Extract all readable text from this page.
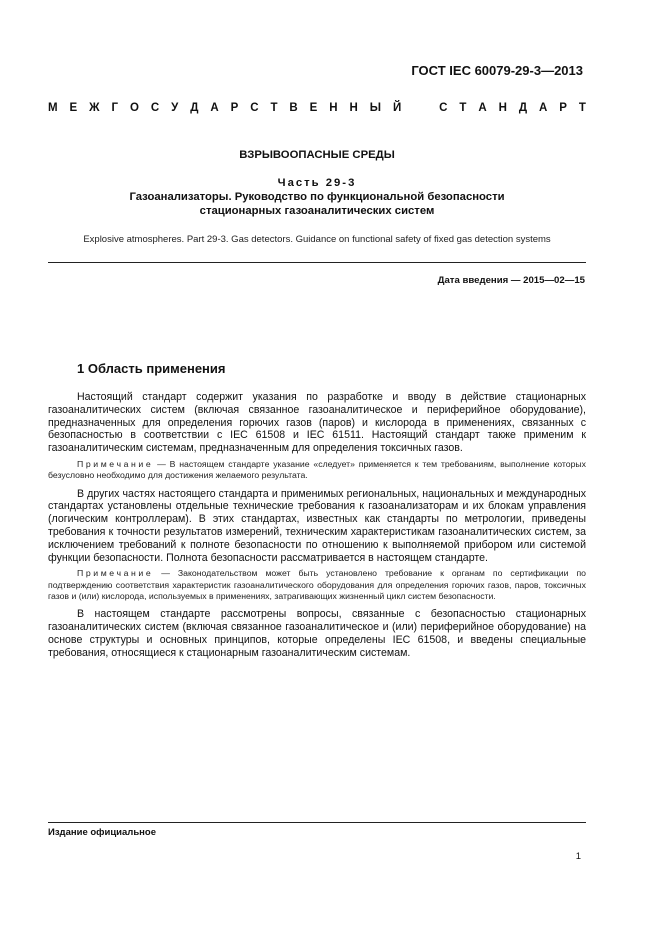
ГОСТ IEC 60079-29-3—2013
М Е Ж Г О С У Д А Р С Т В Е Н Н Ы Й	С Т А Н Д А Р Т
ВЗРЫВООПАСНЫЕ СРЕДЫ
Часть 29-3
Газоанализаторы. Руководство по функциональной безопасности
стационарных газоаналитических систем
Explosive atmospheres. Part 29-3. Gas detectors. Guidance on functional safety of fixed gas detection systems
Дата введения — 2015—02—15
1 Область применения

Настоящий стандарт содержит указания по разработке и вводу в действие стационарных газоаналитических систем (включая связанное газоаналитическое и периферийное оборудование), предназначенных для определения горючих газов (паров) и кислорода в применениях, связанных с безопасностью в соответствии с IEC 61508 и IEC 61511. Настоящий стандарт также применим к газоаналитическим системам, предназначенным для определения токсичных газов.

Примечание — В настоящем стандарте указание «следует» применяется к тем требованиям, выполнение которых безусловно необходимо для достижения желаемого результата.

В других частях настоящего стандарта и применимых региональных, национальных и международных стандартах установлены отдельные технические требования к газоанализаторам и их блокам управления (логическим контроллерам). В этих стандартах, известных как стандарты по метрологии, приведены требования к точности результатов измерений, техническим характеристикам газоаналитических систем, за исключением требований к полноте безопасности по отношению к выполняемой прибором или системой функции безопасности. Полнота безопасности рассматривается в настоящем стандарте.

Примечание — Законодательством может быть установлено требование к органам по сертификации по подтверждению соответствия характеристик газоаналитического оборудования для определения горючих газов, паров, токсичных газов и (или) кислорода, используемых в применениях, затрагивающих жизненный цикл систем безопасности.

В настоящем стандарте рассмотрены вопросы, связанные с безопасностью стационарных газоаналитических систем (включая связанное газоаналитическое и (или) периферийное оборудование) на основе структуры и основных принципов, которые определены IEC 61508, и введены специальные требования, относящиеся к стационарным газоаналитическим системам.

Издание официальное
1
